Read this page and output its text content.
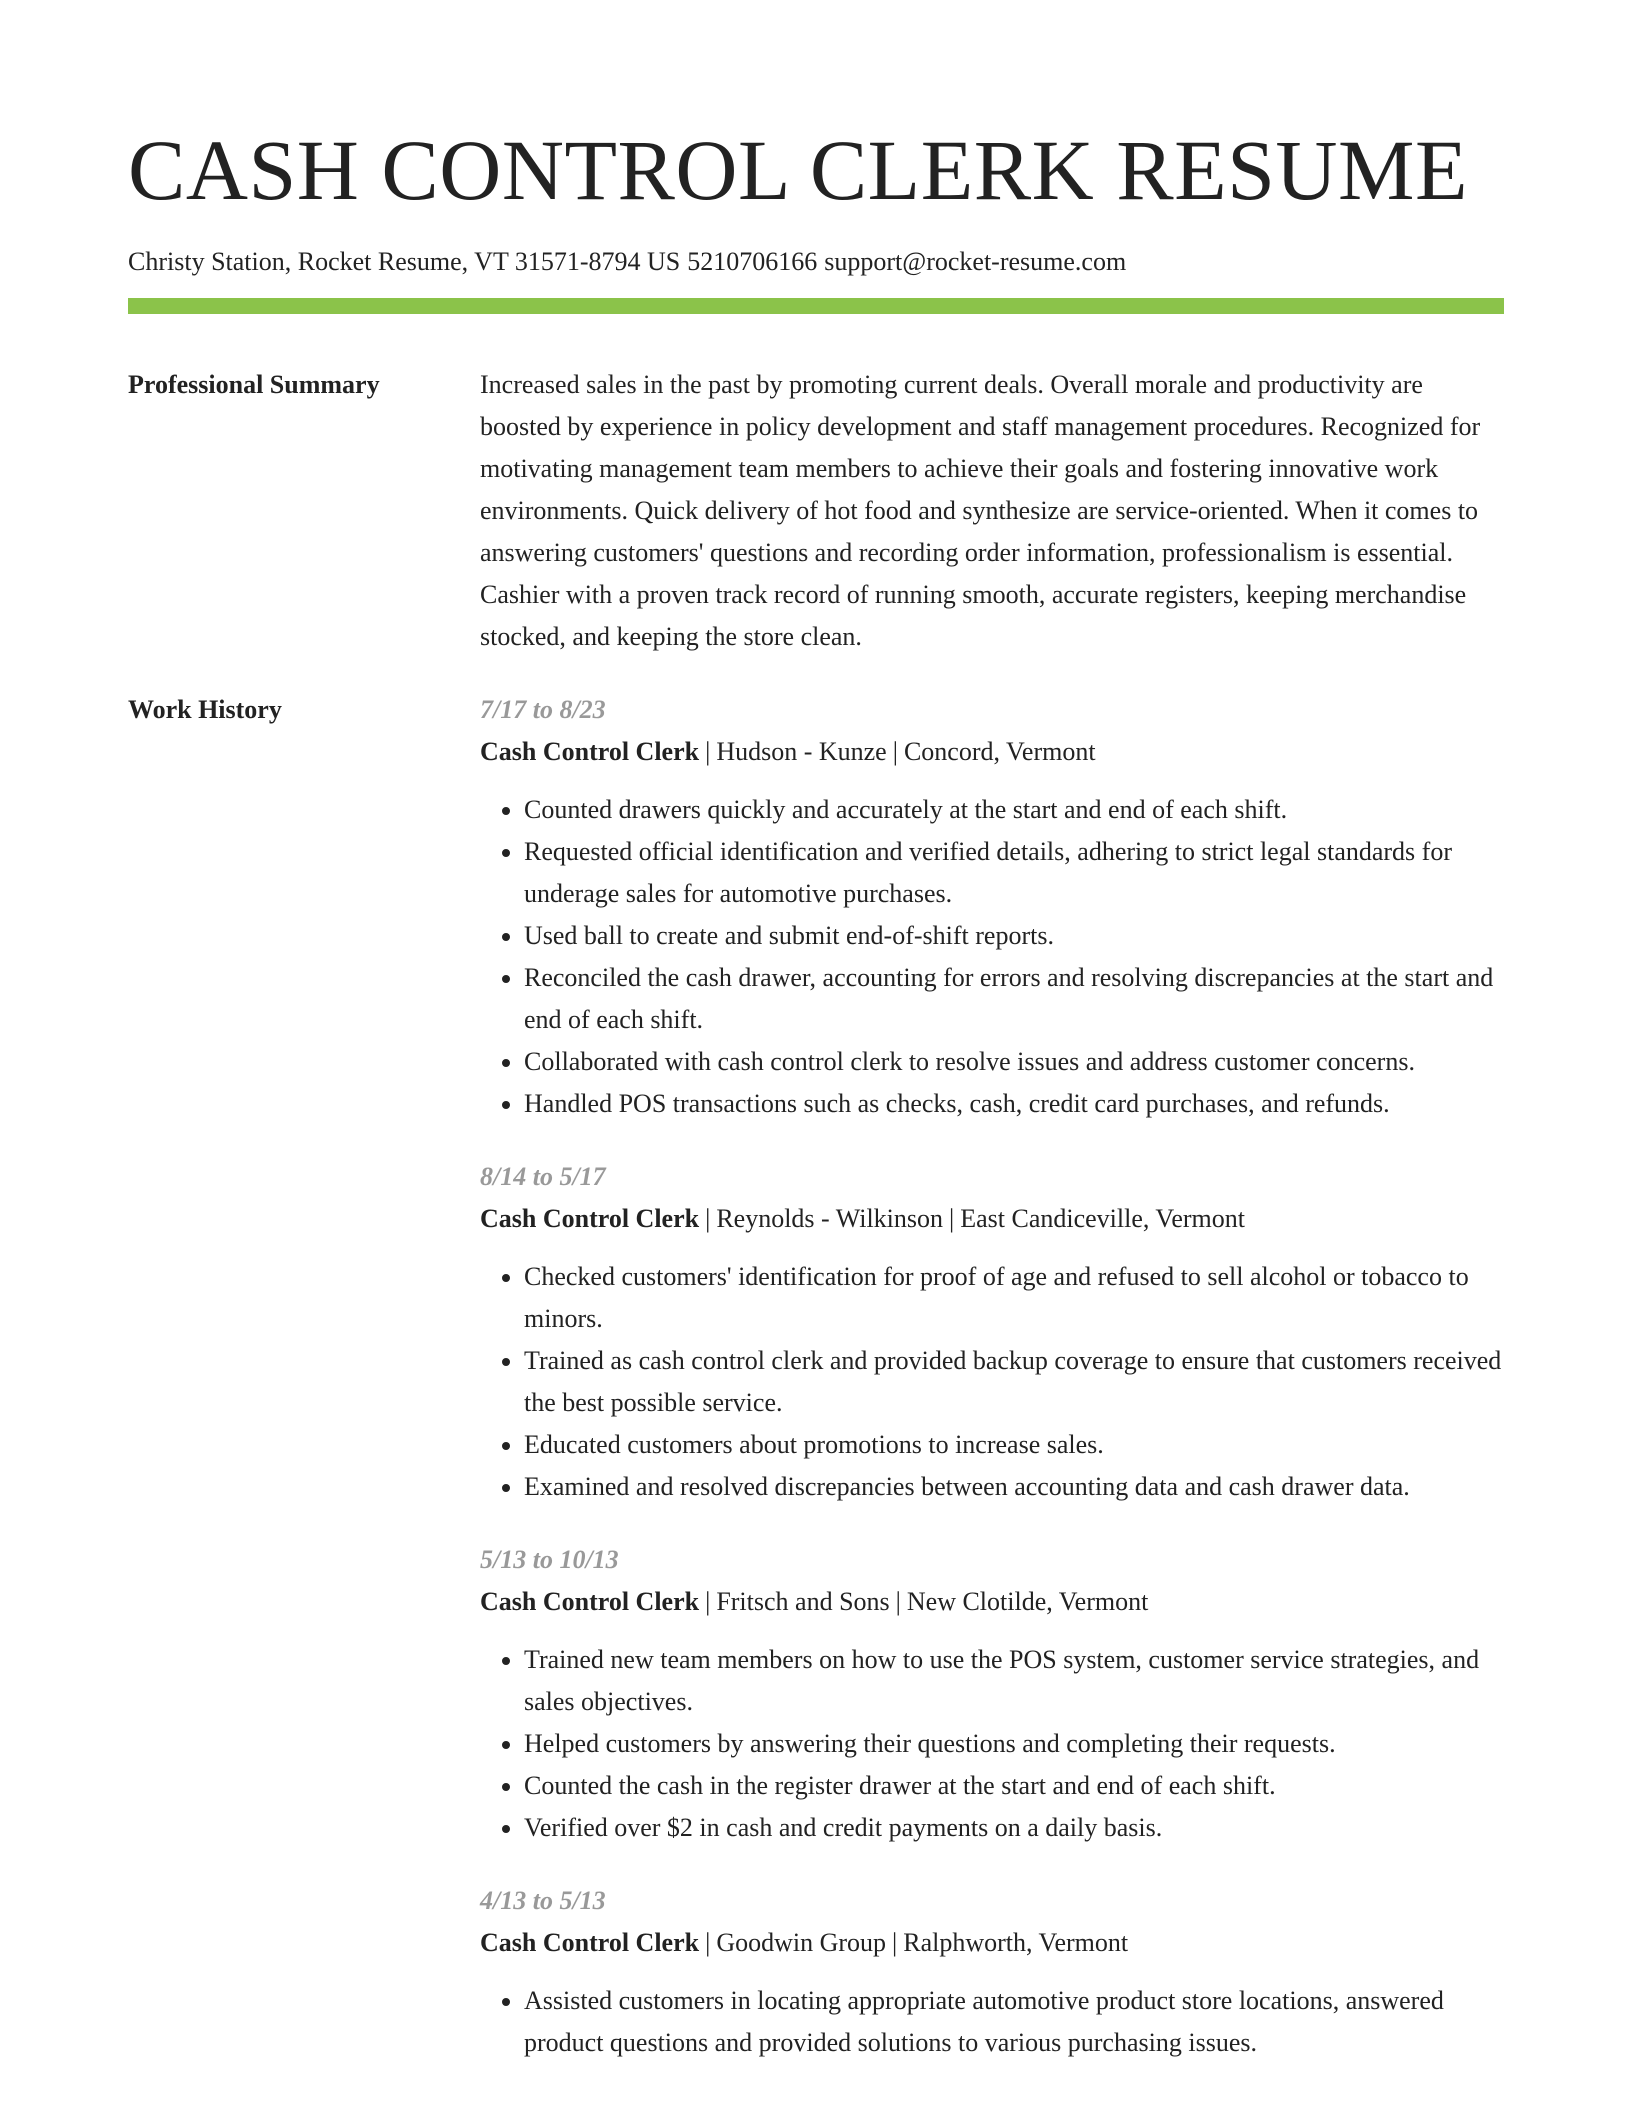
CASH CONTROL CLERK RESUME
Christy Station, Rocket Resume, VT 31571-8794 US 5210706166 support@rocket-resume.com
Professional Summary	Increased sales in the past by promoting current deals. Overall morale and productivity are boosted by experience in policy development and staff management procedures. Recognized for motivating management team members to achieve their goals and fostering innovative work environments. Quick delivery of hot food and synthesize are service-oriented. When it comes to answering customers' questions and recording order information, professionalism is essential. Cashier with a proven track record of running smooth, accurate registers, keeping merchandise stocked, and keeping the store clean.
Work History	7/17 to 8/23
Cash Control Clerk | Hudson - Kunze | Concord, Vermont
• Counted drawers quickly and accurately at the start and end of each shift.
• Requested official identification and verified details, adhering to strict legal standards for underage sales for automotive purchases.
• Used ball to create and submit end-of-shift reports.
• Reconciled the cash drawer, accounting for errors and resolving discrepancies at the start and end of each shift.
• Collaborated with cash control clerk to resolve issues and address customer concerns.
• Handled POS transactions such as checks, cash, credit card purchases, and refunds.
8/14 to 5/17
Cash Control Clerk | Reynolds - Wilkinson | East Candiceville, Vermont
• Checked customers' identification for proof of age and refused to sell alcohol or tobacco to minors.
• Trained as cash control clerk and provided backup coverage to ensure that customers received the best possible service.
• Educated customers about promotions to increase sales.
• Examined and resolved discrepancies between accounting data and cash drawer data.
5/13 to 10/13
Cash Control Clerk | Fritsch and Sons | New Clotilde, Vermont
• Trained new team members on how to use the POS system, customer service strategies, and sales objectives.
• Helped customers by answering their questions and completing their requests.
• Counted the cash in the register drawer at the start and end of each shift.
• Verified over $2 in cash and credit payments on a daily basis.
4/13 to 5/13
Cash Control Clerk | Goodwin Group | Ralphworth, Vermont
• Assisted customers in locating appropriate automotive product store locations, answered product questions and provided solutions to various purchasing issues.
